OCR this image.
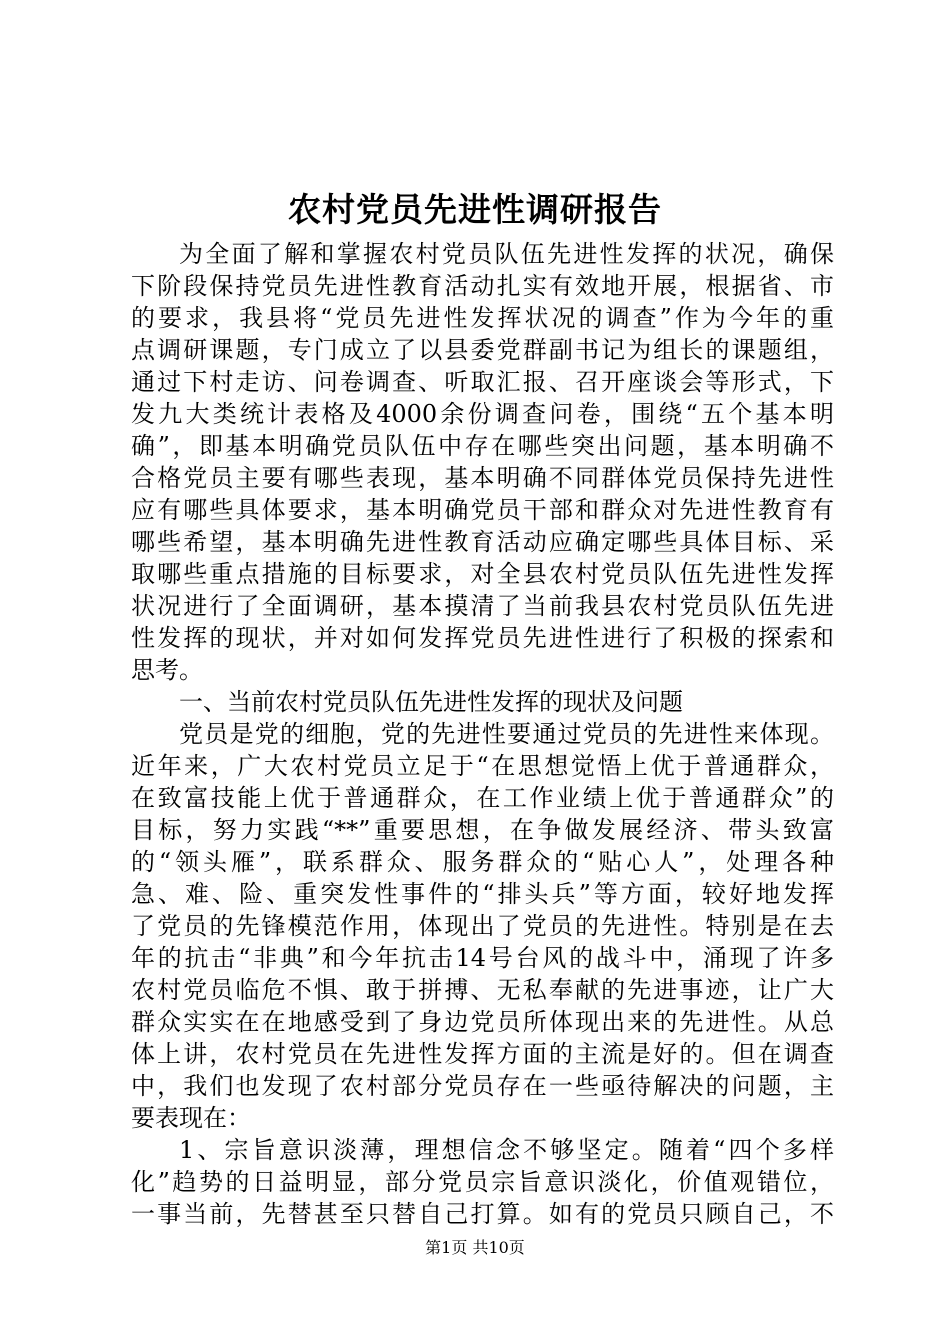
农村党员先进性调研报告
为全面了解和掌握农村党员队伍先进性发挥的状况，确保
下阶段保持党员先进性教育活动扎实有效地开展，根据省、市
的要求，我县将“党员先进性发挥状况的调查”作为今年的重
点调研课题，专门成立了以县委党群副书记为组长的课题组，
通过下村走访、问卷调查、听取汇报、召开座谈会等形式，下
发九大类统计表格及4000余份调查问卷，围绕“五个基本明
确”，即基本明确党员队伍中存在哪些突出问题，基本明确不
合格党员主要有哪些表现，基本明确不同群体党员保持先进性
应有哪些具体要求，基本明确党员干部和群众对先进性教育有
哪些希望，基本明确先进性教育活动应确定哪些具体目标、采
取哪些重点措施的目标要求，对全县农村党员队伍先进性发挥
状况进行了全面调研，基本摸清了当前我县农村党员队伍先进
性发挥的现状，并对如何发挥党员先进性进行了积极的探索和
思考。
一、当前农村党员队伍先进性发挥的现状及问题
党员是党的细胞，党的先进性要通过党员的先进性来体现。
近年来，广大农村党员立足于“在思想觉悟上优于普通群众，
在致富技能上优于普通群众，在工作业绩上优于普通群众”的
目标，努力实践“**”重要思想，在争做发展经济、带头致富
的“领头雁”，联系群众、服务群众的“贴心人”，处理各种
急、难、险、重突发性事件的“排头兵”等方面，较好地发挥
了党员的先锋模范作用，体现出了党员的先进性。特别是在去
年的抗击“非典”和今年抗击14号台风的战斗中，涌现了许多
农村党员临危不惧、敢于拼搏、无私奉献的先进事迹，让广大
群众实实在在地感受到了身边党员所体现出来的先进性。从总
体上讲，农村党员在先进性发挥方面的主流是好的。但在调查
中，我们也发现了农村部分党员存在一些亟待解决的问题，主
要表现在：
1、宗旨意识淡薄，理想信念不够坚定。随着“四个多样
化”趋势的日益明显，部分党员宗旨意识淡化，价值观错位，
一事当前，先替甚至只替自己打算。如有的党员只顾自己，不
第1页 共10页
